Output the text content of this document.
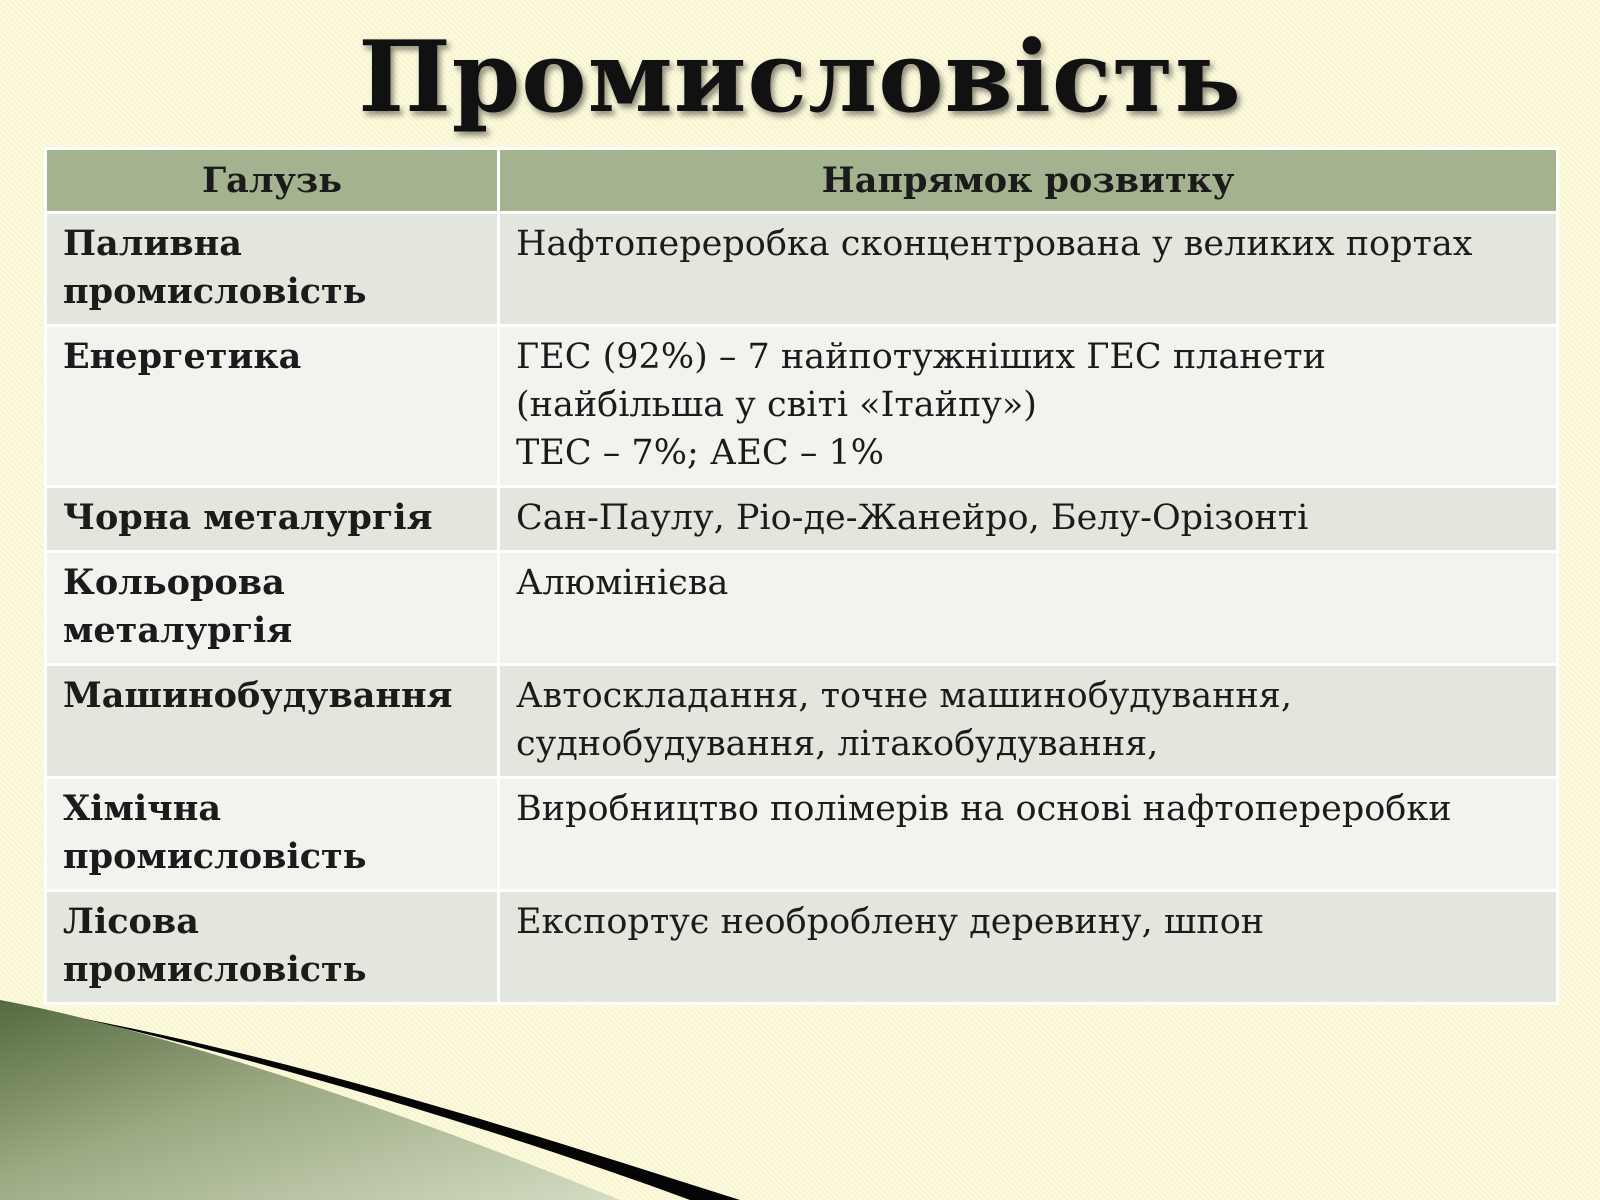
Промисловість
Галузь	Напрямок розвитку
Паливна промисловість	Нафтопереробка сконцентрована у великих портах

Енергетика	ГЕС (92%) – 7 найпотужніших ГЕС планети (найбільша у світі «Ітайпу»)
ТЕС – 7%; АЕС – 1%

Чорна металургія	Сан-Паулу, Ріо-де-Жанейро, Белу-Орізонті

Кольорова металургія	Алюмінієва

Машинобудування	Автоскладання, точне машинобудування, суднобудування, літакобудування,

Хімічна промисловість	Виробництво полімерів на основі нафтопереробки

Лісова промисловість	Експортує необроблену деревину, шпон
